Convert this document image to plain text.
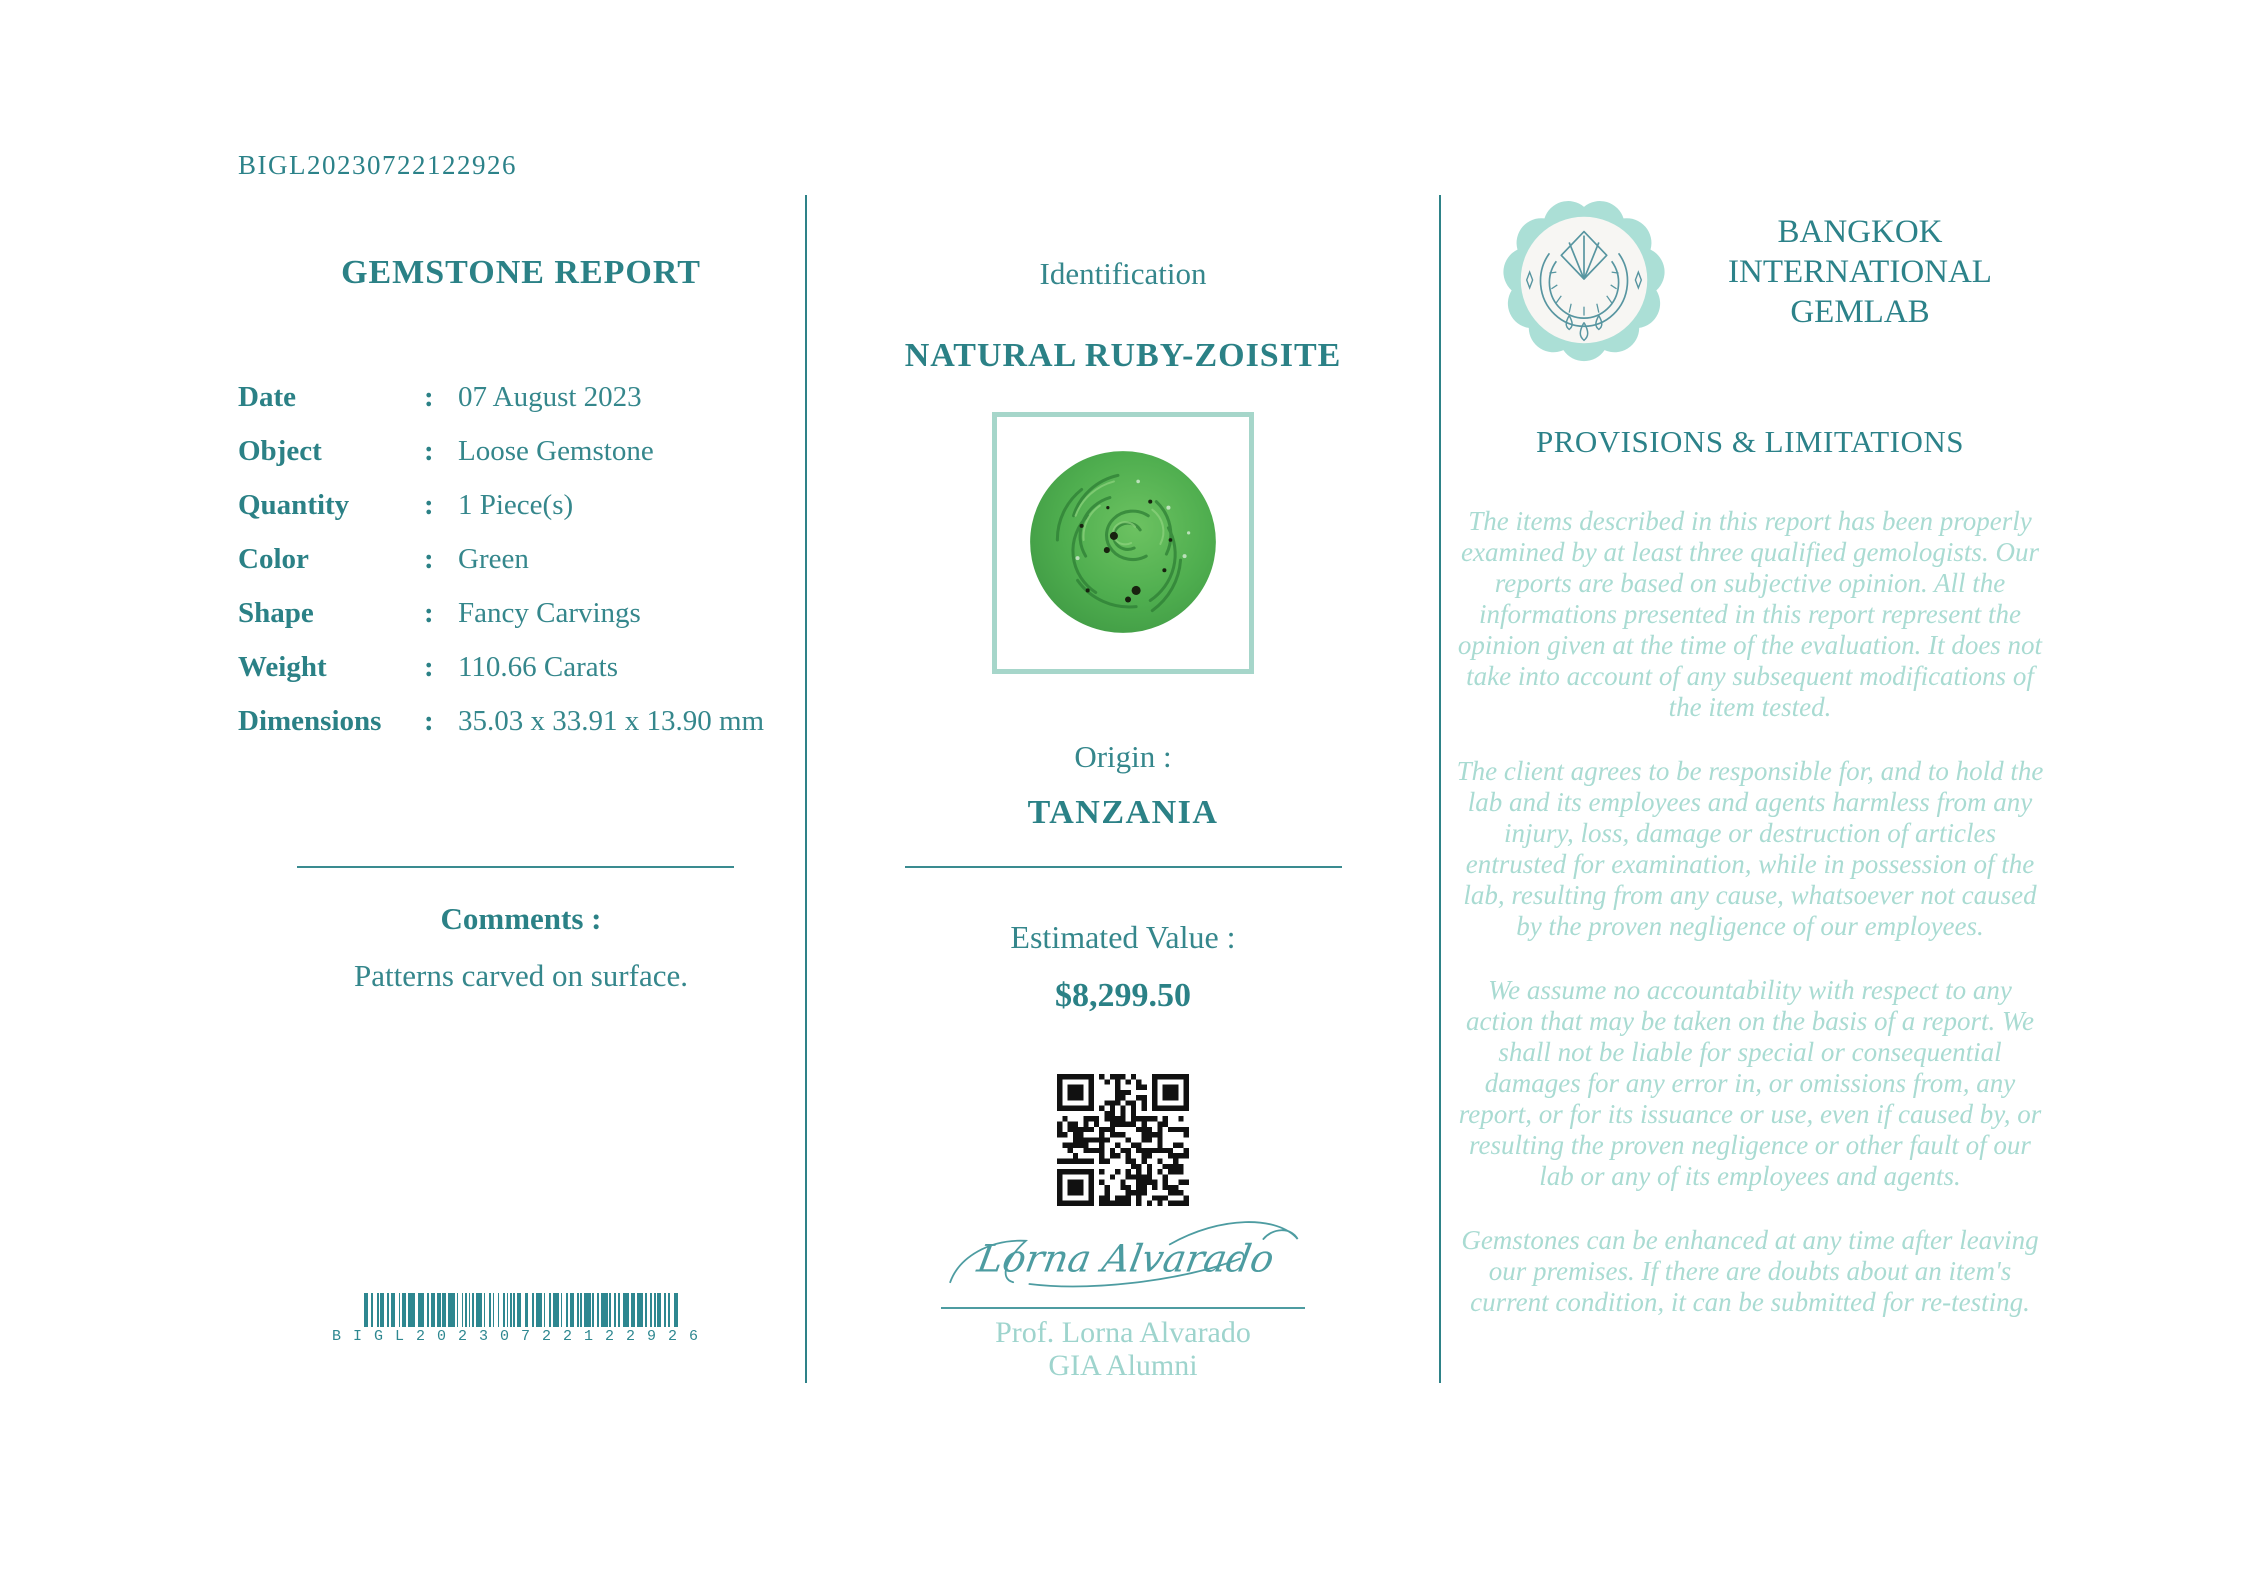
BIGL20230722122926
GEMSTONE REPORT
Date	: 07 August 2023
Object	: Loose Gemstone
Quantity	: 1 Piece(s)
Color	: Green
Shape	: Fancy Carvings
Weight	: 110.66 Carats
Dimensions	: 35.03 x 33.91 x 13.90 mm
Comments :
Patterns carved on surface.
BIGL20230722122926
Identification
NATURAL RUBY-ZOISITE
Origin :
TANZANIA
Estimated Value :
$8,299.50
Lorna Alvarado
Prof. Lorna Alvarado
GIA Alumni
BANGKOK
INTERNATIONAL
GEMLAB
PROVISIONS & LIMITATIONS

The items described in this report has been properly examined by at least three qualified gemologists. Our reports are based on subjective opinion. All the informations presented in this report represent the opinion given at the time of the evaluation. It does not take into account of any subsequent modifications of the item tested.

The client agrees to be responsible for, and to hold the lab and its employees and agents harmless from any injury, loss, damage or destruction of articles entrusted for examination, while in possession of the lab, resulting from any cause, whatsoever not caused by the proven negligence of our employees.

We assume no accountability with respect to any action that may be taken on the basis of a report. We shall not be liable for special or consequential damages for any error in, or omissions from, any report, or for its issuance or use, even if caused by, or resulting the proven negligence or other fault of our lab or any of its employees and agents.

Gemstones can be enhanced at any time after leaving our premises. If there are doubts about an item's current condition, it can be submitted for re-testing.
